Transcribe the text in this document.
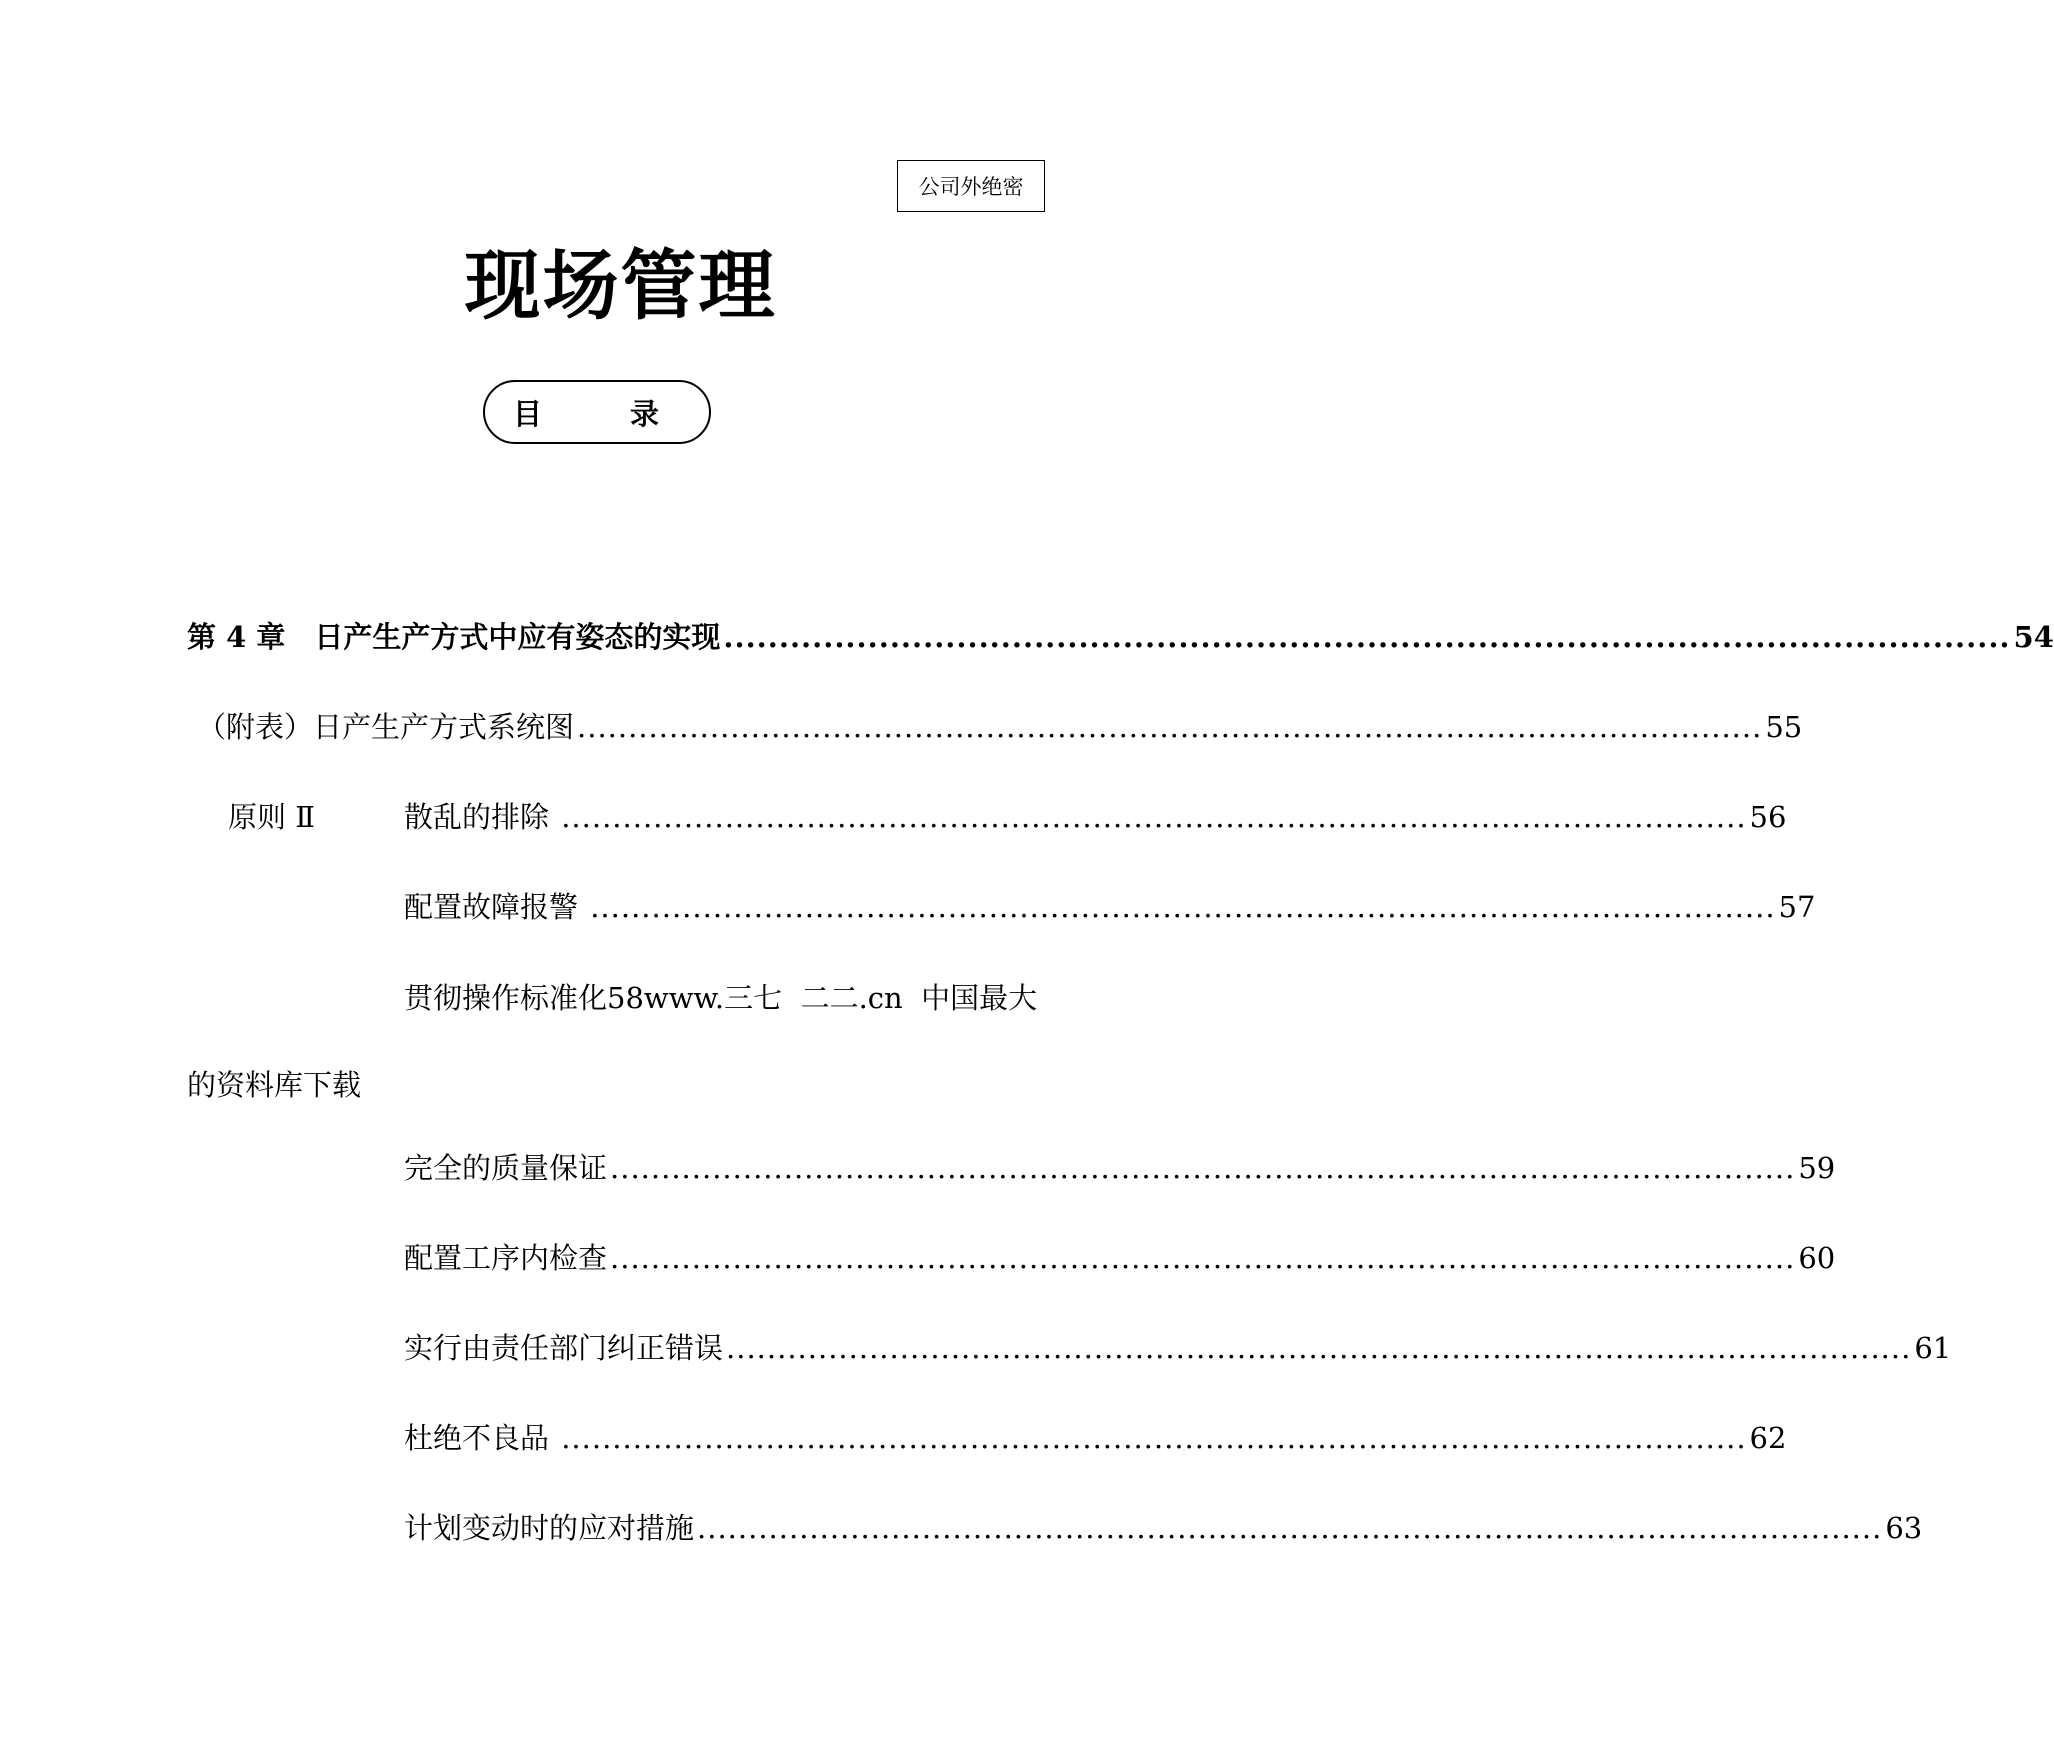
公司外绝密
现场管理
目	录
第 4 章　日产生产方式中应有姿态的实现 .................................................................................................................... 54
（附表）日产生产方式系统图 .................................................................................................................... 55
原则 Ⅱ	散乱的排除 .................................................................................................................... 56
配置故障报警 .................................................................................................................... 57
贯彻操作标准化58www.三七  二二.cn  中国最大
的资料库下载
完全的质量保证 .................................................................................................................... 59
配置工序内检查 .................................................................................................................... 60
实行由责任部门纠正错误 .................................................................................................................... 61
杜绝不良品 .................................................................................................................... 62
计划变动时的应对措施 .................................................................................................................... 63
